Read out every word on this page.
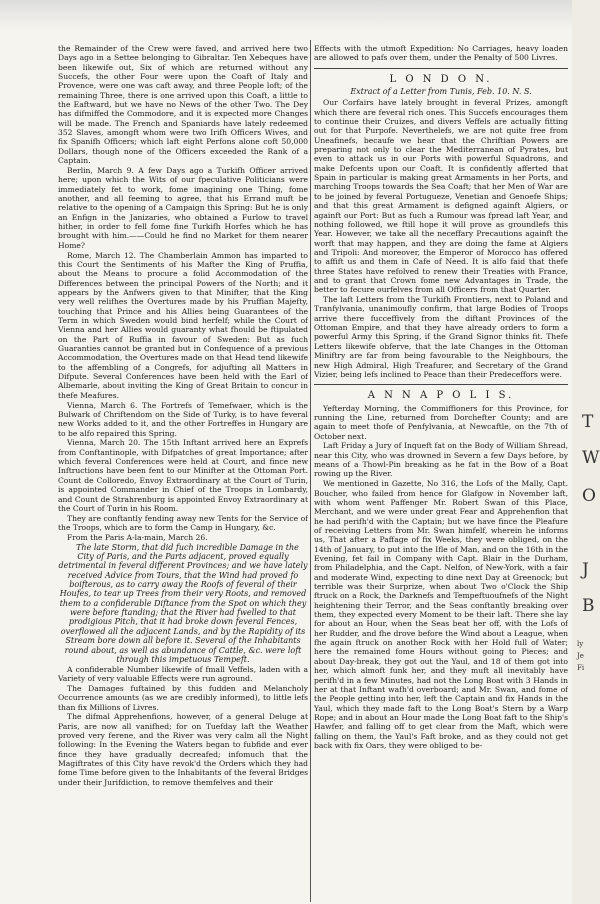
the Remainder of the Crew were faved, and arrived here two Days ago in a Settee belonging to Gibraltar. Ten Xebeques have been likewife out, Six of which are returned without any Succefs, the other Four were upon the Coaft of Italy and Provence, were one was caft away, and three People loft; of the remaining Three, there is one arrived upon this Coaft, a little to the Eaftward, but we have no News of the other Two. The Dey has difmiffed the Commodore, and it is expected more Changes will be made. The French and Spaniards have lately redeemed 352 Slaves, amongft whom were two Irifh Officers Wives, and fix Spanifh Officers; which laft eight Perfons alone coft 50,000 Dollars, though none of the Officers exceeded the Rank of a Captain.

Berlin, March 9. A few Days ago a Turkifh Officer arrived here; upon which the Wits of our fpeculative Politicians were immediately fet to work, fome imagining one Thing, fome another, and all feeming to agree, that his Errand muft be relative to the opening of a Campaign this Spring: But he is only an Enfign in the Janizaries, who obtained a Furlow to travel hither, in order to fell fome fine Turkifh Horfes which he has brought with him.——Could he find no Market for them nearer Home?

Rome, March 12. The Chamberlain Ammon has imparted to this Court the Sentiments of his Mafter the King of Pruffia, about the Means to procure a folid Accommodation of the Differences between the principal Powers of the North; and it appears by the Anfwers given to that Minifter, that the King very well relifhes the Overtures made by his Pruffian Majefty, touching that Prince and his Allies being Guarantees of the Term in which Sweden would bind herfelf; while the Court of Vienna and her Allies would guaranty what fhould be ftipulated on the Part of Ruffia in favour of Sweden: But as fuch Guaranties cannot be granted but in Confequence of a previous Accommodation, the Overtures made on that Head tend likewife to the affembling of a Congrefs, for adjufting all Matters in Difpute. Several Conferences have been held with the Earl of Albemarle, about inviting the King of Great Britain to concur in thefe Meafures.

Vienna, March 6. The Fortrefs of Temefwaer, which is the Bulwark of Chriftendom on the Side of Turky, is to have feveral new Works added to it, and the other Fortreffes in Hungary are to be alfo repaired this Spring.

Vienna, March 20. The 15th Inftant arrived here an Exprefs from Conftantinople, with Difpatches of great Importance; after which feveral Conferences were held at Court, and fince new Inftructions have been fent to our Minifter at the Ottoman Port. Count de Colloredo, Envoy Extraordinary at the Court of Turin, is appointed Commander in Chief of the Troops in Lombardy, and Count de Strahrenburg is appointed Envoy Extraordinary at the Court of Turin in his Room.

They are conftantly fending away new Tents for the Service of the Troops, which are to form the Camp in Hungary, &c.

From the Paris A-la-main, March 26.

The late Storm, that did fuch incredible Damage in the City of Paris, and the Parts adjacent, proved equally detrimental in feveral different Provinces; and we have lately received Advice from Tours, that the Wind had proved fo boifterous, as to carry away the Roofs of feveral of their Houfes, to tear up Trees from their very Roots, and removed them to a confiderable Diftance from the Spot on which they were before ftanding; that the River had fwelled to that prodigious Pitch, that it had broke down feveral Fences, overflowed all the adjacent Lands, and by the Rapidity of its Stream bore down all before it. Several of the Inhabitants round about, as well as abundance of Cattle, &c. were loft through this impetuous Tempeft.

A confiderable Number likewife of fmall Veffels, laden with a Variety of very valuable Effects were run aground.

The Damages fuftained by this fudden and Melancholy Occurrence amounts (as we are credibly informed), to little lefs than fix Millions of Livres.

The difmal Apprehenfions, however, of a general Deluge at Paris, are now all vanifhed; for on Tuefday laft the Weather proved very ferene, and the River was very calm all the Night following: In the Evening the Waters began to fubfide and ever fince they have gradually decreafed; infomuch that the Magiftrates of this City have revok'd the Orders which they had fome Time before given to the Inhabitants of the feveral Bridges under their Jurifdiction, to remove themfelves and their

Effects with the utmoft Expedition: No Carriages, heavy loaden are allowed to pafs over them, under the Penalty of 500 Livres.

L O N D O N.
Extract of a Letter from Tunis, Feb. 10. N. S.

Our Corfairs have lately brought in feveral Prizes, amongft which there are feveral rich ones. This Succefs encourages them to continue their Cruizes, and divers Veffels are actually fitting out for that Purpofe. Neverthelefs, we are not quite free from Uneafinefs, becaufe we hear that the Chriftian Powers are preparing not only to clear the Mediterranean of Pyrates, but even to attack us in our Ports with powerful Squadrons, and make Defcents upon our Coaft. It is confidently afferted that Spain in particular is making great Armaments in her Ports, and marching Troops towards the Sea Coaft; that her Men of War are to be joined by feveral Portugueze, Venetian and Genoefe Ships; and that this great Armament is defigned againft Algiers, or againft our Port: But as fuch a Rumour was fpread laft Year, and nothing followed, we ftill hope it will prove as groundlefs this Year. However, we take all the neceffary Precautions againft the worft that may happen, and they are doing the fame at Algiers and Tripoli: And moreover, the Emperor of Morocco has offered to affift us and them in Cafe of Need. It is alfo faid that thefe three States have refolved to renew their Treaties with France, and to grant that Crown fome new Advantages in Trade, the better to fecure ourfelves from all Officers from that Quarter.

The laft Letters from the Turkifh Frontiers, next to Poland and Tranfylvania, unanimoufly confirm, that large Bodies of Troops arrive there fucceffively from the diftant Provinces of the Ottoman Empire, and that they have already orders to form a powerful Army this Spring, if the Grand Signor thinks fit. Thefe Letters likewife obferve, that the late Changes in the Ottoman Miniftry are far from being favourable to the Neighbours, the new High Admiral, High Treafurer, and Secretary of the Grand Vizier, being lefs inclined to Peace than their Predeceffors were.

A N N A P O L I S.

Yefterday Morning, the Commiffioners for this Province, for running the Line, returned from Dorchefter County; and are again to meet thofe of Penfylvania, at Newcaftle, on the 7th of October next.

Laft Friday a Jury of Inqueft fat on the Body of William Shread, near this City, who was drowned in Severn a few Days before, by means of a Thowl-Pin breaking as he fat in the Bow of a Boat rowing up the River.

We mentioned in Gazette, No 316, the Lofs of the Mally, Capt. Boucher, who failed from hence for Glafgow in November laft, with whom went Paffenger Mr. Robert Swan of this Place, Merchant, and we were under great Fear and Apprehenfion that he had perifh'd with the Captain; but we have fince the Pleafure of receiving Letters from Mr. Swan himfelf, wherein he informs us, That after a Paffage of fix Weeks, they were obliged, on the 14th of January, to put into the Ifle of Man, and on the 16th in the Evening, fet fail in Company with Capt. Blair in the Durham, from Philadelphia, and the Capt. Nelfon, of New-York, with a fair and moderate Wind, expecting to dine next Day at Greenock; but terrible was their Surprize, when about Two o'Clock the Ship ftruck on a Rock, the Darknefs and Tempeftuoufnefs of the Night heightening their Terror, and the Seas conftantly breaking over them, they expected every Moment to be their laft. There she lay for about an Hour, when the Seas beat her off, with the Lofs of her Rudder, and fhe drove before the Wind about a League, when fhe again ftruck on another Rock with her Hold full of Water; here the remained fome Hours without going to Pieces; and about Day-break, they got out the Yaul, and 18 of them got into her, which almoft funk her, and they muft all inevitably have perifh'd in a few Minutes, had not the Long Boat with 3 Hands in her at that Inftant wafh'd overboard; and Mr. Swan, and fome of the People getting into her, left the Captain and fix Hands in the Yaul, which they made faft to the Long Boat's Stern by a Warp Rope; and in about an Hour made the Long Boat faft to the Ship's Hawfer, and falling off to get clear from the Maft, which were falling on them, the Yaul's Faft broke, and as they could not get back with fix Oars, they were obliged to be-

T
W
O
J
B
ly
Je
Fi
